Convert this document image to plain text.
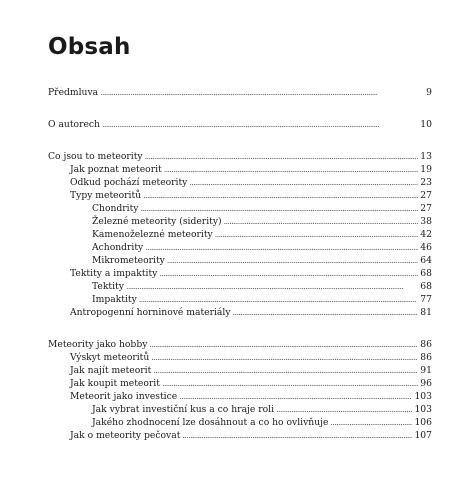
Obsah
Předmluva . . .	9
O autorech . . .	10
Co jsou to meteority . . .	13
Jak poznat meteorit . . .	19
Odkud pochází meteority . . .	23
Typy meteoritů . . .	27
Chondrity . . .	27
Železné meteority (siderity) . . .	38
Kamenoželezné meteority . . .	42
Achondrity . . .	46
Mikrometeority . . .	64
Tektity a impaktity . . .	68
Tektity . . .	68
Impaktity . . .	77
Antropogenní horninové materiály . . .	81
Meteority jako hobby . . .	86
Výskyt meteoritů . . .	86
Jak najít meteorit . . .	91
Jak koupit meteorit . . .	96
Meteorit jako investice . . .	103
Jak vybrat investiční kus a co hraje roli . . .	103
Jakého zhodnocení lze dosáhnout a co ho ovlivňuje . . .	106
Jak o meteority pečovat . . .	107
